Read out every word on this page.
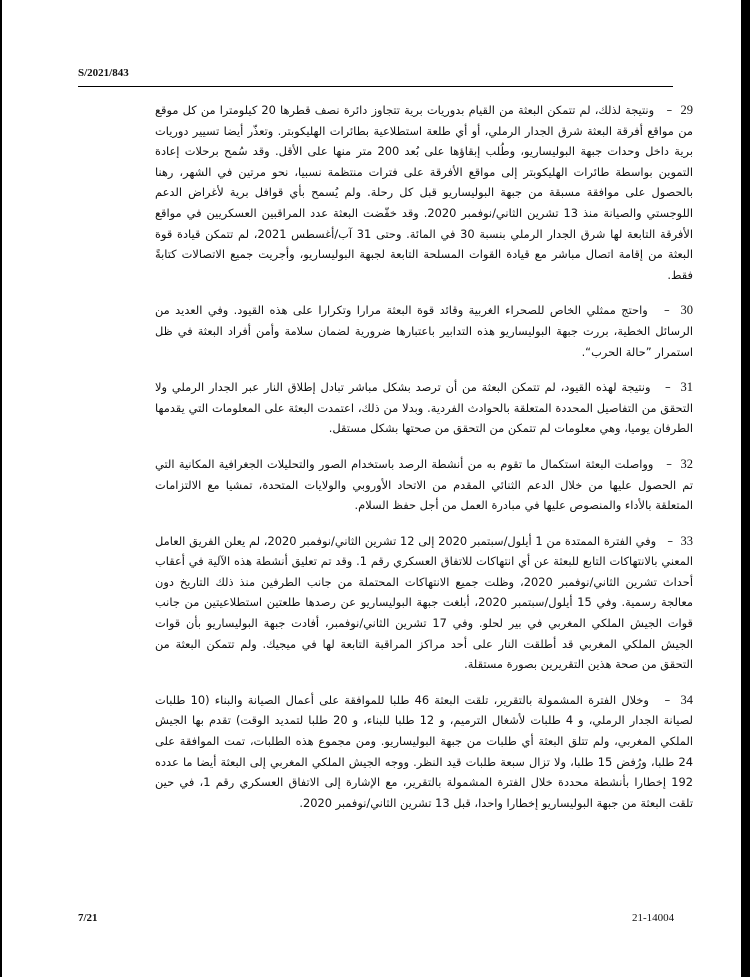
S/2021/843

29  –   ونتيجة لذلك، لم تتمكن البعثة من القيام بدوريات برية تتجاوز دائرة نصف قطرها 20 كيلومترا من كل موقع من مواقع أفرقة البعثة شرق الجدار الرملي، أو أي طلعة استطلاعية بطائرات الهليكوبتر. وتعذّر أيضا تسيير دوريات برية داخل وحدات جبهة البوليساريو، وطُلب إبقاؤها على بُعد 200 متر منها على الأقل. وقد سُمح برحلات إعادة التموين بواسطة طائرات الهليكوبتر إلى مواقع الأفرقة على فترات منتظمة نسبيا، نحو مرتين في الشهر، رهنا بالحصول على موافقة مسبقة من جبهة البوليساريو قبل كل رحلة. ولم يُسمح بأي قوافل برية لأغراض الدعم اللوجستي والصيانة منذ 13 تشرين الثاني/نوفمبر 2020. وقد خفّضت البعثة عدد المراقبين العسكريين في مواقع الأفرقة التابعة لها شرق الجدار الرملي بنسبة 30 في المائة. وحتى 31 آب/أغسطس 2021، لم تتمكن قيادة قوة البعثة من إقامة اتصال مباشر مع قيادة القوات المسلحة التابعة لجبهة البوليساريو، وأجريت جميع الاتصالات كتابةً فقط.

30  –   واحتج ممثلي الخاص للصحراء الغربية وقائد قوة البعثة مرارا وتكرارا على هذه القيود. وفي العديد من الرسائل الخطية، بررت جبهة البوليساريو هذه التدابير باعتبارها ضرورية لضمان سلامة وأمن أفراد البعثة في ظل استمرار ”حالة الحرب“.

31  –   ونتيجة لهذه القيود، لم تتمكن البعثة من أن ترصد بشكل مباشر تبادل إطلاق النار عبر الجدار الرملي ولا التحقق من التفاصيل المحددة المتعلقة بالحوادث الفردية. وبدلا من ذلك، اعتمدت البعثة على المعلومات التي يقدمها الطرفان يوميا، وهي معلومات لم تتمكن من التحقق من صحتها بشكل مستقل.

32  –   وواصلت البعثة استكمال ما تقوم به من أنشطة الرصد باستخدام الصور والتحليلات الجغرافية المكانية التي تم الحصول عليها من خلال الدعم الثنائي المقدم من الاتحاد الأوروبي والولايات المتحدة، تمشيا مع الالتزامات المتعلقة بالأداء والمنصوص عليها في مبادرة العمل من أجل حفظ السلام.

33  –   وفي الفترة الممتدة من 1 أيلول/سبتمبر 2020 إلى 12 تشرين الثاني/نوفمبر 2020، لم يعلن الفريق العامل المعني بالانتهاكات التابع للبعثة عن أي انتهاكات للاتفاق العسكري رقم 1. وقد تم تعليق أنشطة هذه الآلية في أعقاب أحداث تشرين الثاني/نوفمبر 2020، وظلت جميع الانتهاكات المحتملة من جانب الطرفين منذ ذلك التاريخ دون معالجة رسمية. وفي 15 أيلول/سبتمبر 2020، أبلغت جبهة البوليساريو عن رصدها طلعتين استطلاعيتين من جانب قوات الجيش الملكي المغربي في بير لحلو. وفي 17 تشرين الثاني/نوفمبر، أفادت جبهة البوليساريو بأن قوات الجيش الملكي المغربي قد أطلقت النار على أحد مراكز المراقبة التابعة لها في ميجيك. ولم تتمكن البعثة من التحقق من صحة هذين التقريرين بصورة مستقلة.

34  –   وخلال الفترة المشمولة بالتقرير، تلقت البعثة 46 طلبا للموافقة على أعمال الصيانة والبناء (10 طلبات لصيانة الجدار الرملي، و 4 طلبات لأشغال الترميم، و 12 طلبا للبناء، و 20 طلبا لتمديد الوقت) تقدم بها الجيش الملكي المغربي، ولم تتلق البعثة أي طلبات من جبهة البوليساريو. ومن مجموع هذه الطلبات، تمت الموافقة على 24 طلبا، ورُفض 15 طلبا، ولا تزال سبعة طلبات قيد النظر. ووجه الجيش الملكي المغربي إلى البعثة أيضا ما عدده 192 إخطارا بأنشطة محددة خلال الفترة المشمولة بالتقرير، مع الإشارة إلى الاتفاق العسكري رقم 1، في حين تلقت البعثة من جبهة البوليساريو إخطارا واحدا، قبل 13 تشرين الثاني/نوفمبر 2020.

7/21	21-14004
